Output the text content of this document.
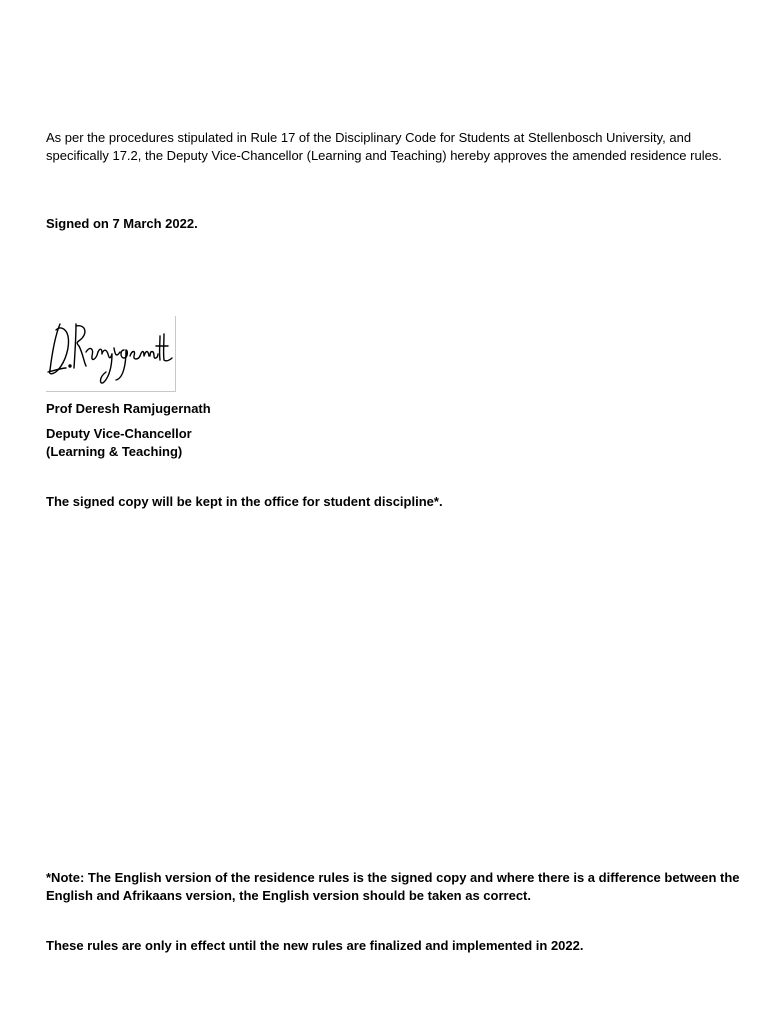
As per the procedures stipulated in Rule 17 of the Disciplinary Code for Students at Stellenbosch University, and specifically 17.2, the Deputy Vice-Chancellor (Learning and Teaching) hereby approves the amended residence rules.
Signed on 7 March 2022.
Prof Deresh Ramjugernath
Deputy Vice-Chancellor
(Learning & Teaching)
The signed copy will be kept in the office for student discipline*.
*Note: The English version of the residence rules is the signed copy and where there is a difference between the English and Afrikaans version, the English version should be taken as correct.
These rules are only in effect until the new rules are finalized and implemented in 2022.
